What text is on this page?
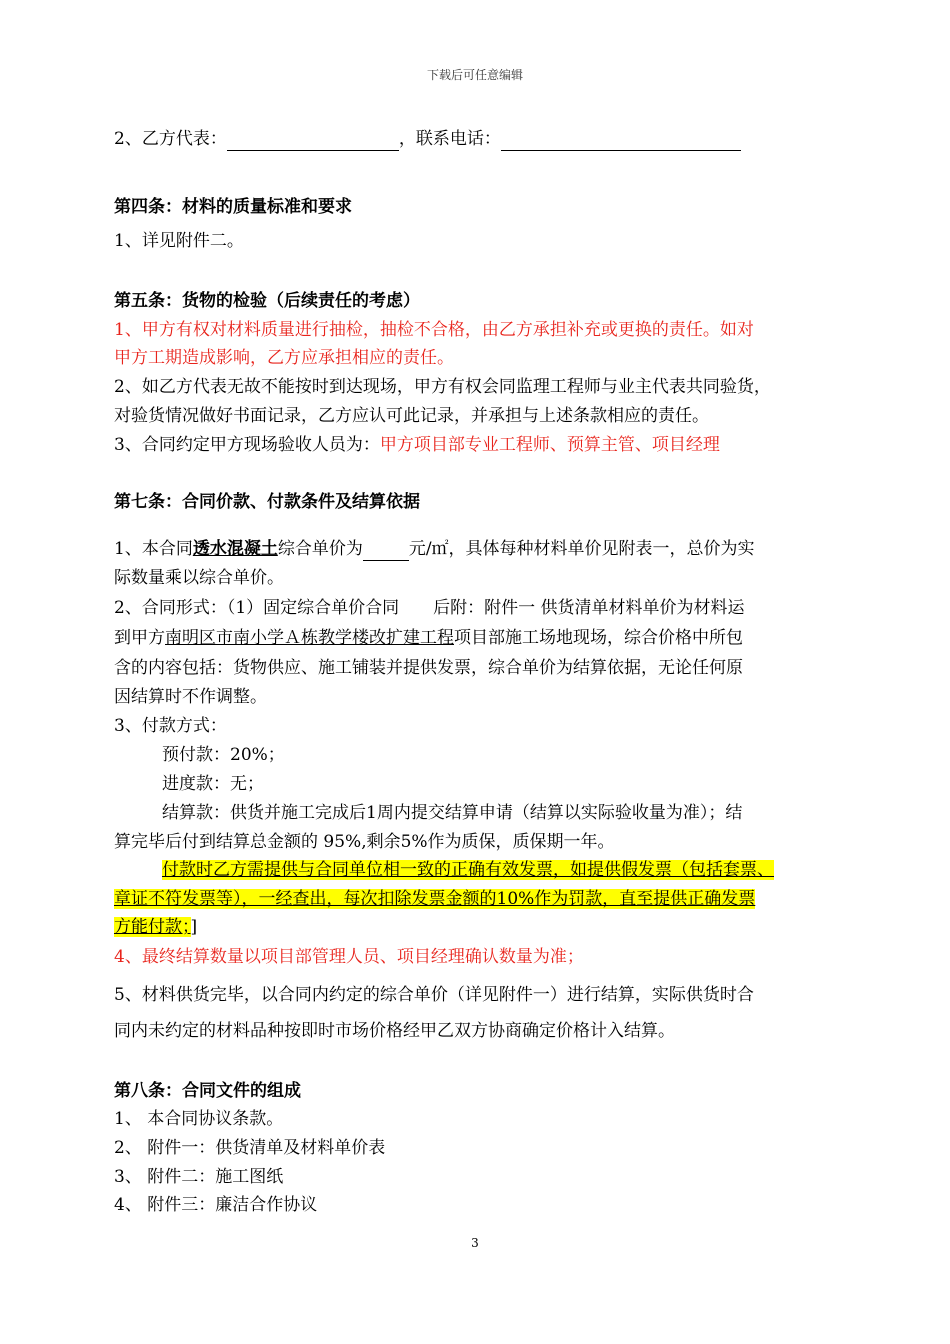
下载后可任意编辑
2、乙方代表：	，联系电话：
第四条：材料的质量标准和要求
1、详见附件二。
第五条：货物的检验（后续责任的考虑）
1、甲方有权对材料质量进行抽检，抽检不合格，由乙方承担补充或更换的责任。如对
甲方工期造成影响，乙方应承担相应的责任。
2、如乙方代表无故不能按时到达现场，甲方有权会同监理工程师与业主代表共同验货，
对验货情况做好书面记录，乙方应认可此记录，并承担与上述条款相应的责任。
3、合同约定甲方现场验收人员为：甲方项目部专业工程师、预算主管、项目经理
第七条：合同价款、付款条件及结算依据
1、本合同透水混凝土综合单价为	元/㎡，具体每种材料单价见附表一，总价为实
际数量乘以综合单价。
2、合同形式：（1）固定综合单价合同　　后附：附件一 供货清单材料单价为材料运
到甲方南明区市南小学Ａ栋教学楼改扩建工程项目部施工场地现场，综合价格中所包
含的内容包括：货物供应、施工铺装并提供发票，综合单价为结算依据，无论任何原
因结算时不作调整。
3、付款方式：
预付款：20%；
进度款：无；
结算款：供货并施工完成后1周内提交结算申请（结算以实际验收量为准）；结
算完毕后付到结算总金额的 95%,剩余5%作为质保，质保期一年。
付款时乙方需提供与合同单位相一致的正确有效发票，如提供假发票（包括套票、
章证不符发票等），一经查出，每次扣除发票金额的10%作为罚款，直至提供正确发票
方能付款；]
4、最终结算数量以项目部管理人员、项目经理确认数量为准；
5、材料供货完毕，以合同内约定的综合单价（详见附件一）进行结算，实际供货时合
同内未约定的材料品种按即时市场价格经甲乙双方协商确定价格计入结算。
第八条：合同文件的组成
1、 本合同协议条款。
2、 附件一：供货清单及材料单价表
3、 附件二：施工图纸
4、 附件三：廉洁合作协议
3
